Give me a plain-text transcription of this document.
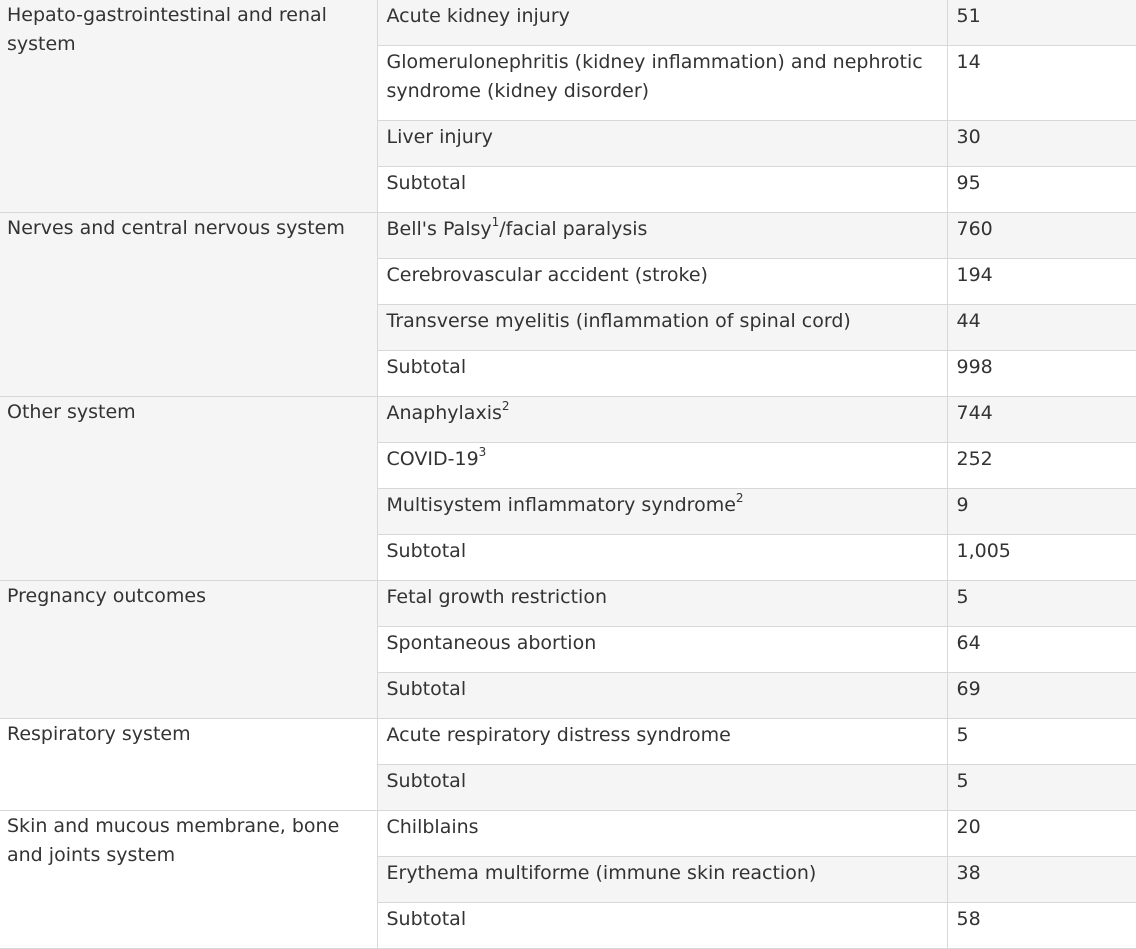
Hepato-gastrointestinal and renal system	Acute kidney injury	51
	Glomerulonephritis (kidney inflammation) and nephrotic syndrome (kidney disorder)	14
	Liver injury	30
	Subtotal	95
Nerves and central nervous system	Bell's Palsy$^1$/facial paralysis	760
	Cerebrovascular accident (stroke)	194
	Transverse myelitis (inflammation of spinal cord)	44
	Subtotal	998
Other system	Anaphylaxis$^2$	744
	COVID-$19^3$	252
	Multisystem inflammatory syndrome$^2$	9
	Subtotal	1,005
Pregnancy outcomes	Fetal growth restriction	5
	Spontaneous abortion	64
	Subtotal	69
Respiratory system	Acute respiratory distress syndrome	5
	Subtotal	5
Skin and mucous membrane, bone and joints system	Chilblains	20
	Erythema multiforme (immune skin reaction)	38
	Subtotal	58
